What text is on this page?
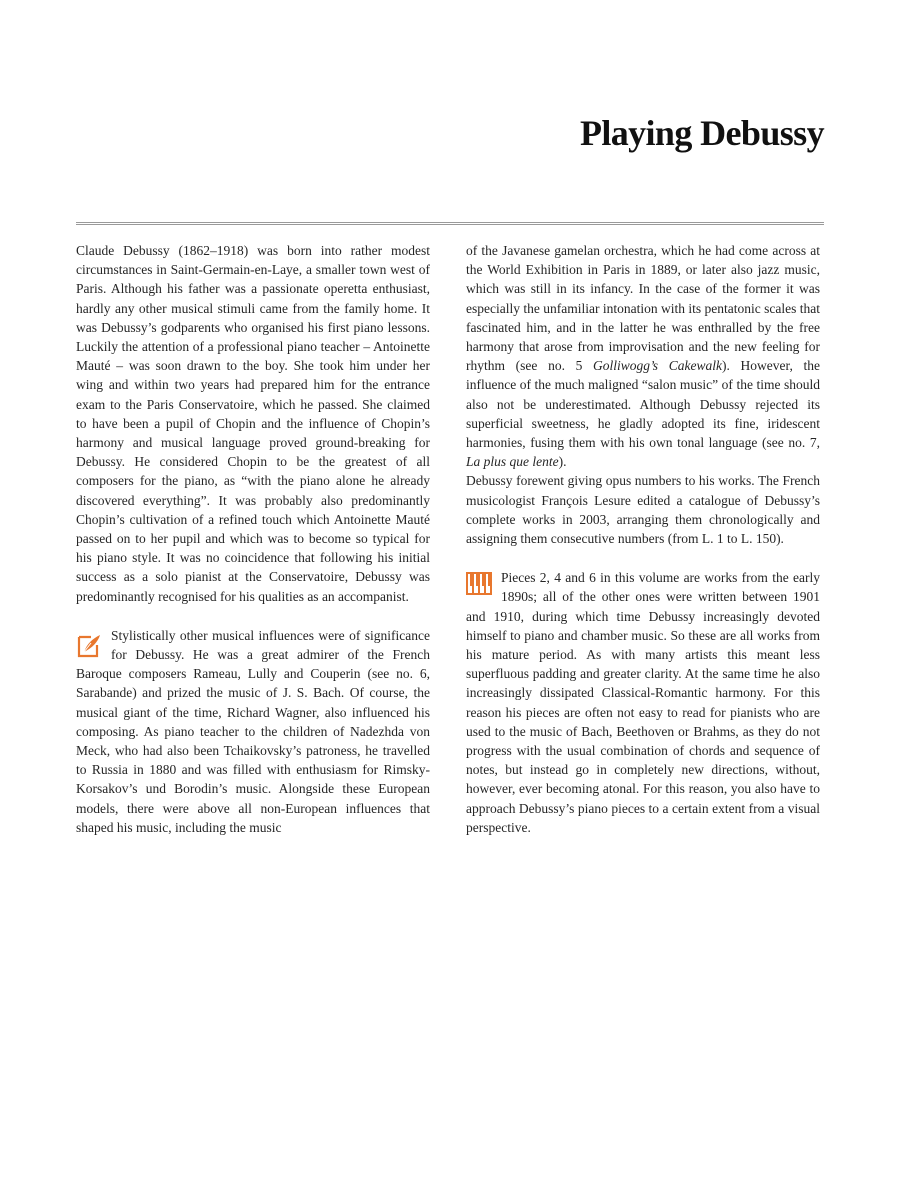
Playing Debussy

Claude Debussy (1862–1918) was born into rather modest circumstances in Saint-Germain-en-Laye, a smaller town west of Paris. Although his father was a passionate operetta enthusiast, hardly any other musical stimuli came from the family home. It was Debussy’s godparents who organised his first piano lessons. Luckily the attention of a professional piano teacher – Antoinette Mauté – was soon drawn to the boy. She took him under her wing and within two years had prepared him for the entrance exam to the Paris Conservatoire, which he passed. She claimed to have been a pupil of Chopin and the influence of Chopin’s harmony and musical language proved ground-breaking for Debussy. He considered Chopin to be the greatest of all composers for the piano, as “with the piano alone he already discovered everything”. It was probably also predominantly Chopin’s cultivation of a refined touch which Antoinette Mauté passed on to her pupil and which was to become so typical for his piano style. It was no coincidence that following his initial success as a solo pianist at the Conservatoire, Debussy was predominantly recognised for his qualities as an accompanist.

Stylistically other musical influences were of significance for Debussy. He was a great admirer of the French Baroque composers Rameau, Lully and Couperin (see no. 6, Sarabande) and prized the music of J. S. Bach. Of course, the musical giant of the time, Richard Wagner, also influenced his composing. As piano teacher to the children of Nadezhda von Meck, who had also been Tchaikovsky’s patroness, he travelled to Russia in 1880 and was filled with enthusiasm for Rimsky-Korsakov’s und Borodin’s music. Alongside these European models, there were above all non-European influences that shaped his music, including the music

of the Javanese gamelan orchestra, which he had come across at the World Exhibition in Paris in 1889, or later also jazz music, which was still in its infancy. In the case of the former it was especially the unfamiliar intonation with its pentatonic scales that fascinated him, and in the latter he was enthralled by the free harmony that arose from improvisation and the new feeling for rhythm (see no. 5 Golliwogg’s Cakewalk). However, the influence of the much maligned “salon music” of the time should also not be underestimated. Although Debussy rejected its superficial sweetness, he gladly adopted its fine, iridescent harmonies, fusing them with his own tonal language (see no. 7, La plus que lente).

Debussy forewent giving opus numbers to his works. The French musicologist François Lesure edited a catalogue of Debussy’s complete works in 2003, arranging them chronologically and assigning them consecutive numbers (from L. 1 to L. 150).

Pieces 2, 4 and 6 in this volume are works from the early 1890s; all of the other ones were written between 1901 and 1910, during which time Debussy increasingly devoted himself to piano and chamber music. So these are all works from his mature period. As with many artists this meant less superfluous padding and greater clarity. At the same time he also increasingly dissipated Classical-Romantic harmony. For this reason his pieces are often not easy to read for pianists who are used to the music of Bach, Beethoven or Brahms, as they do not progress with the usual combination of chords and sequence of notes, but instead go in completely new directions, without, however, ever becoming atonal. For this reason, you also have to approach Debussy’s piano pieces to a certain extent from a visual perspective.
